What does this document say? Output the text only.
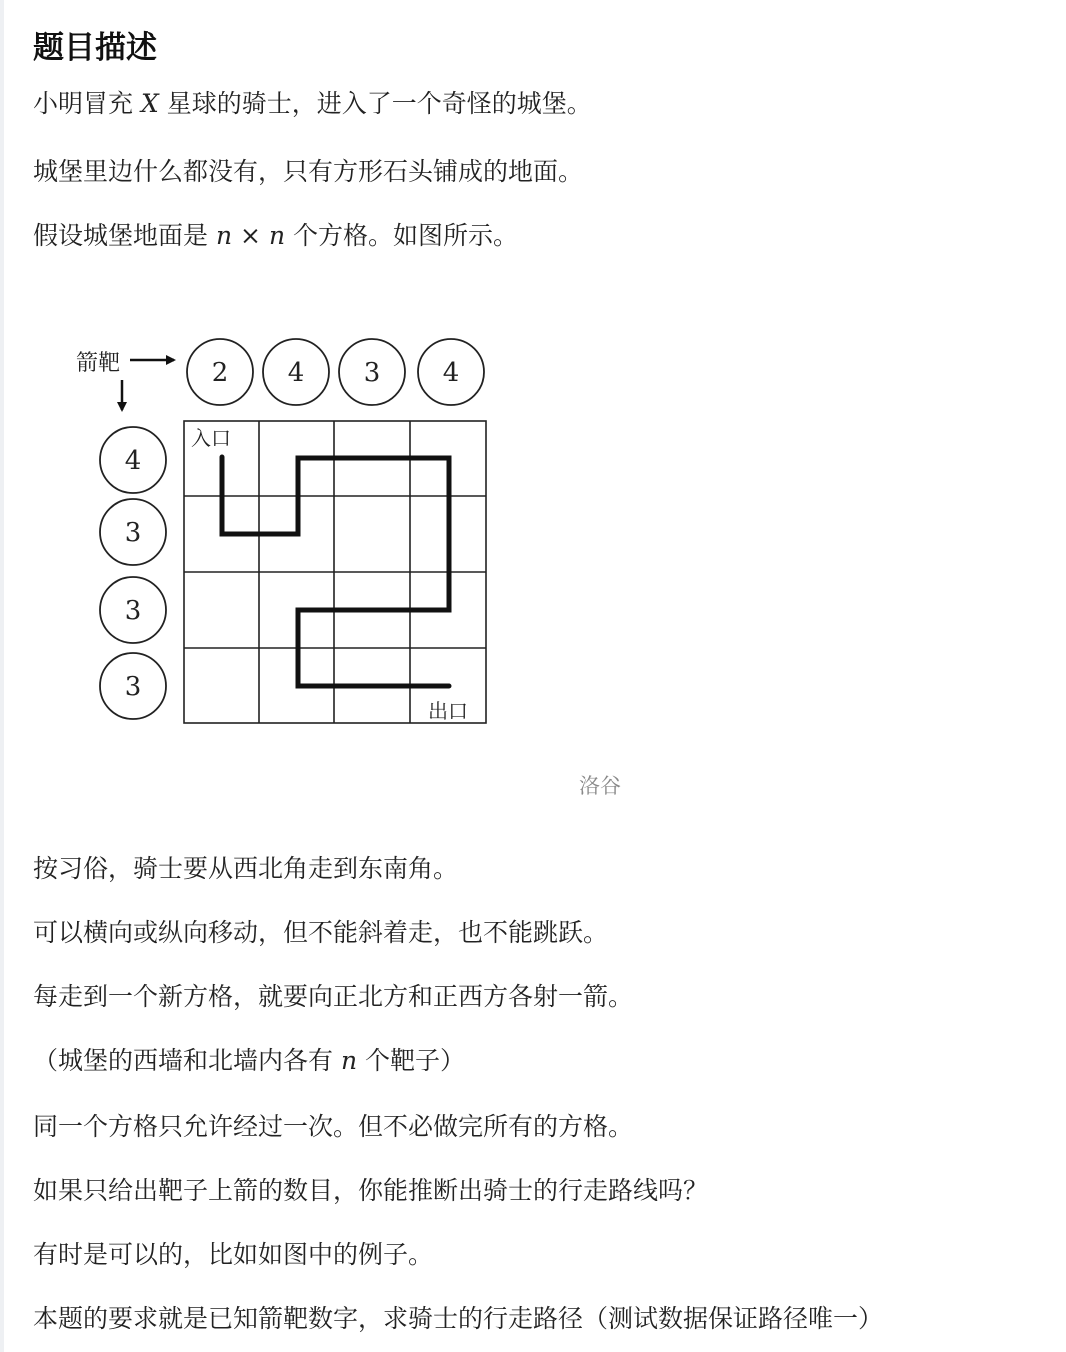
题目描述
小明冒充 X 星球的骑士，进入了一个奇怪的城堡。
城堡里边什么都没有，只有方形石头铺成的地面。
假设城堡地面是 n × n 个方格。如图所示。
箭靶	2 4 3 4
4
3
3
3
入口
出口
洛谷
按习俗，骑士要从西北角走到东南角。
可以横向或纵向移动，但不能斜着走，也不能跳跃。
每走到一个新方格，就要向正北方和正西方各射一箭。
（城堡的西墙和北墙内各有 n 个靶子）
同一个方格只允许经过一次。但不必做完所有的方格。
如果只给出靶子上箭的数目，你能推断出骑士的行走路线吗？
有时是可以的，比如如图中的例子。
本题的要求就是已知箭靶数字，求骑士的行走路径（测试数据保证路径唯一）
